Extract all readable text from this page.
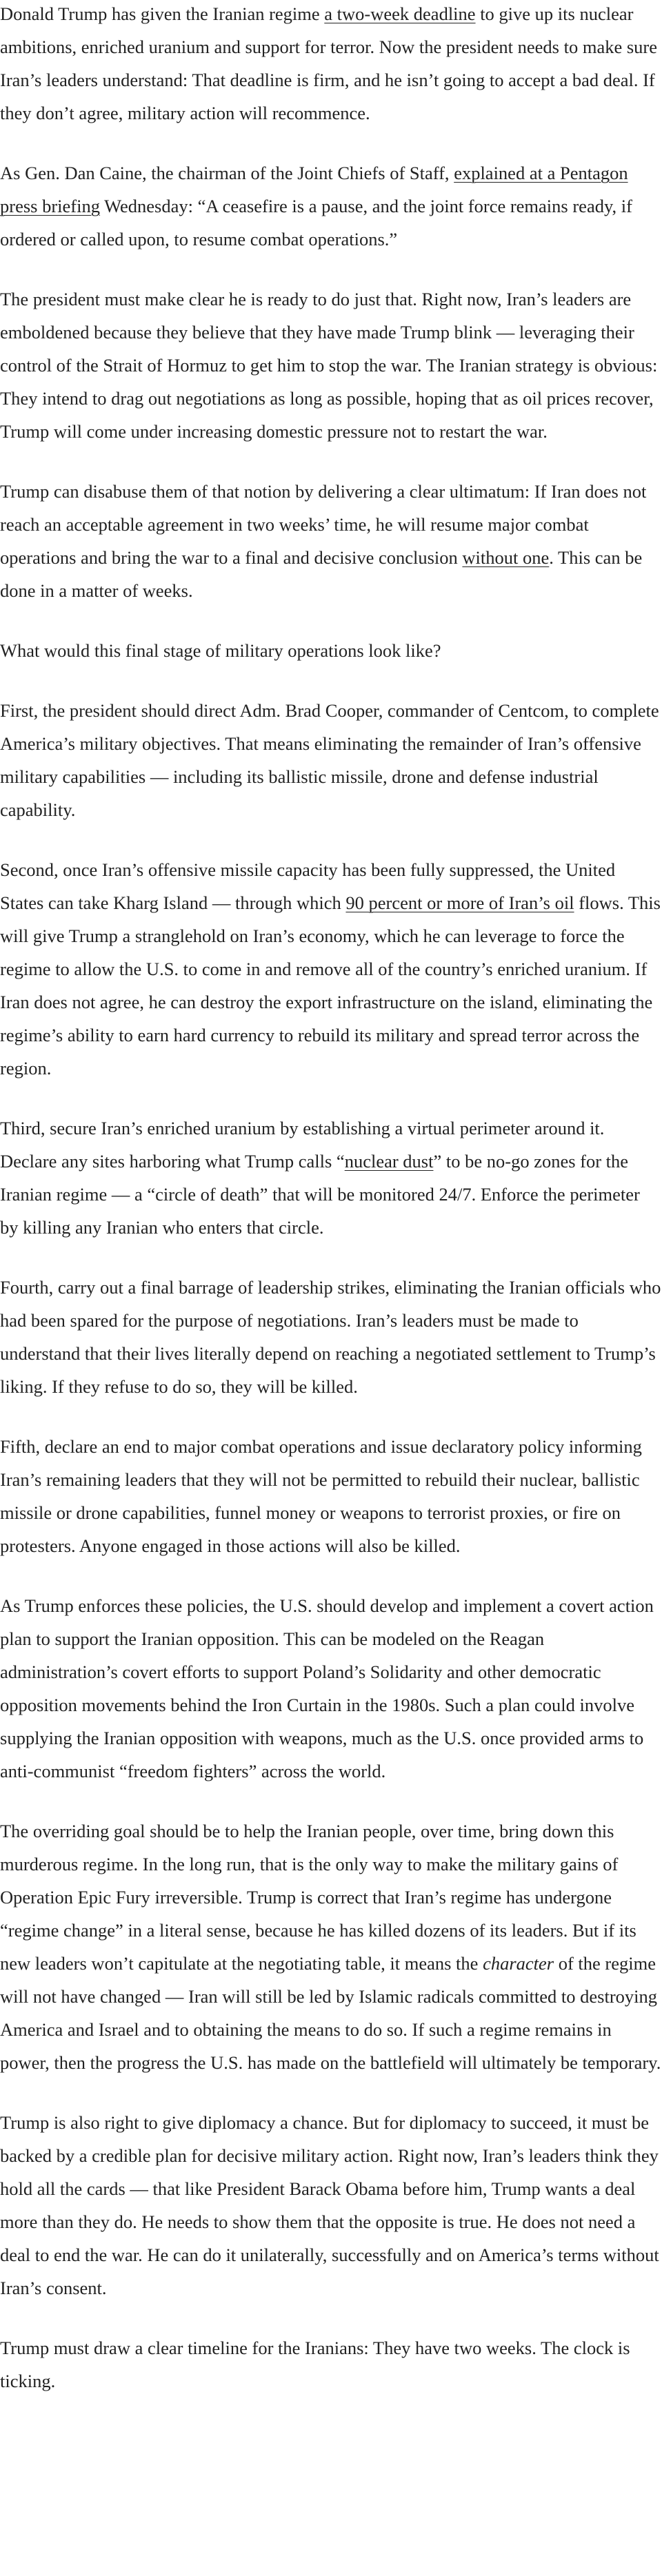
Donald Trump has given the Iranian regime a two-week deadline to give up its nuclear ambitions, enriched uranium and support for terror. Now the president needs to make sure Iran’s leaders understand: That deadline is firm, and he isn’t going to accept a bad deal. If they don’t agree, military action will recommence.

As Gen. Dan Caine, the chairman of the Joint Chiefs of Staff, explained at a Pentagon press briefing Wednesday: “A ceasefire is a pause, and the joint force remains ready, if ordered or called upon, to resume combat operations.”

The president must make clear he is ready to do just that. Right now, Iran’s leaders are emboldened because they believe that they have made Trump blink — leveraging their control of the Strait of Hormuz to get him to stop the war. The Iranian strategy is obvious: They intend to drag out negotiations as long as possible, hoping that as oil prices recover, Trump will come under increasing domestic pressure not to restart the war.

Trump can disabuse them of that notion by delivering a clear ultimatum: If Iran does not reach an acceptable agreement in two weeks’ time, he will resume major combat operations and bring the war to a final and decisive conclusion without one. This can be done in a matter of weeks.

What would this final stage of military operations look like?

First, the president should direct Adm. Brad Cooper, commander of Centcom, to complete America’s military objectives. That means eliminating the remainder of Iran’s offensive military capabilities — including its ballistic missile, drone and defense industrial capability.

Second, once Iran’s offensive missile capacity has been fully suppressed, the United States can take Kharg Island — through which 90 percent or more of Iran’s oil flows. This will give Trump a stranglehold on Iran’s economy, which he can leverage to force the regime to allow the U.S. to come in and remove all of the country’s enriched uranium. If Iran does not agree, he can destroy the export infrastructure on the island, eliminating the regime’s ability to earn hard currency to rebuild its military and spread terror across the region.

Third, secure Iran’s enriched uranium by establishing a virtual perimeter around it. Declare any sites harboring what Trump calls “nuclear dust” to be no-go zones for the Iranian regime — a “circle of death” that will be monitored 24/7. Enforce the perimeter by killing any Iranian who enters that circle.

Fourth, carry out a final barrage of leadership strikes, eliminating the Iranian officials who had been spared for the purpose of negotiations. Iran’s leaders must be made to understand that their lives literally depend on reaching a negotiated settlement to Trump’s liking. If they refuse to do so, they will be killed.

Fifth, declare an end to major combat operations and issue declaratory policy informing Iran’s remaining leaders that they will not be permitted to rebuild their nuclear, ballistic missile or drone capabilities, funnel money or weapons to terrorist proxies, or fire on protesters. Anyone engaged in those actions will also be killed.

As Trump enforces these policies, the U.S. should develop and implement a covert action plan to support the Iranian opposition. This can be modeled on the Reagan administration’s covert efforts to support Poland’s Solidarity and other democratic opposition movements behind the Iron Curtain in the 1980s. Such a plan could involve supplying the Iranian opposition with weapons, much as the U.S. once provided arms to anti-communist “freedom fighters” across the world.

The overriding goal should be to help the Iranian people, over time, bring down this murderous regime. In the long run, that is the only way to make the military gains of Operation Epic Fury irreversible. Trump is correct that Iran’s regime has undergone “regime change” in a literal sense, because he has killed dozens of its leaders. But if its new leaders won’t capitulate at the negotiating table, it means the character of the regime will not have changed — Iran will still be led by Islamic radicals committed to destroying America and Israel and to obtaining the means to do so. If such a regime remains in power, then the progress the U.S. has made on the battlefield will ultimately be temporary.

Trump is also right to give diplomacy a chance. But for diplomacy to succeed, it must be backed by a credible plan for decisive military action. Right now, Iran’s leaders think they hold all the cards — that like President Barack Obama before him, Trump wants a deal more than they do. He needs to show them that the opposite is true. He does not need a deal to end the war. He can do it unilaterally, successfully and on America’s terms without Iran’s consent.

Trump must draw a clear timeline for the Iranians: They have two weeks. The clock is ticking.
